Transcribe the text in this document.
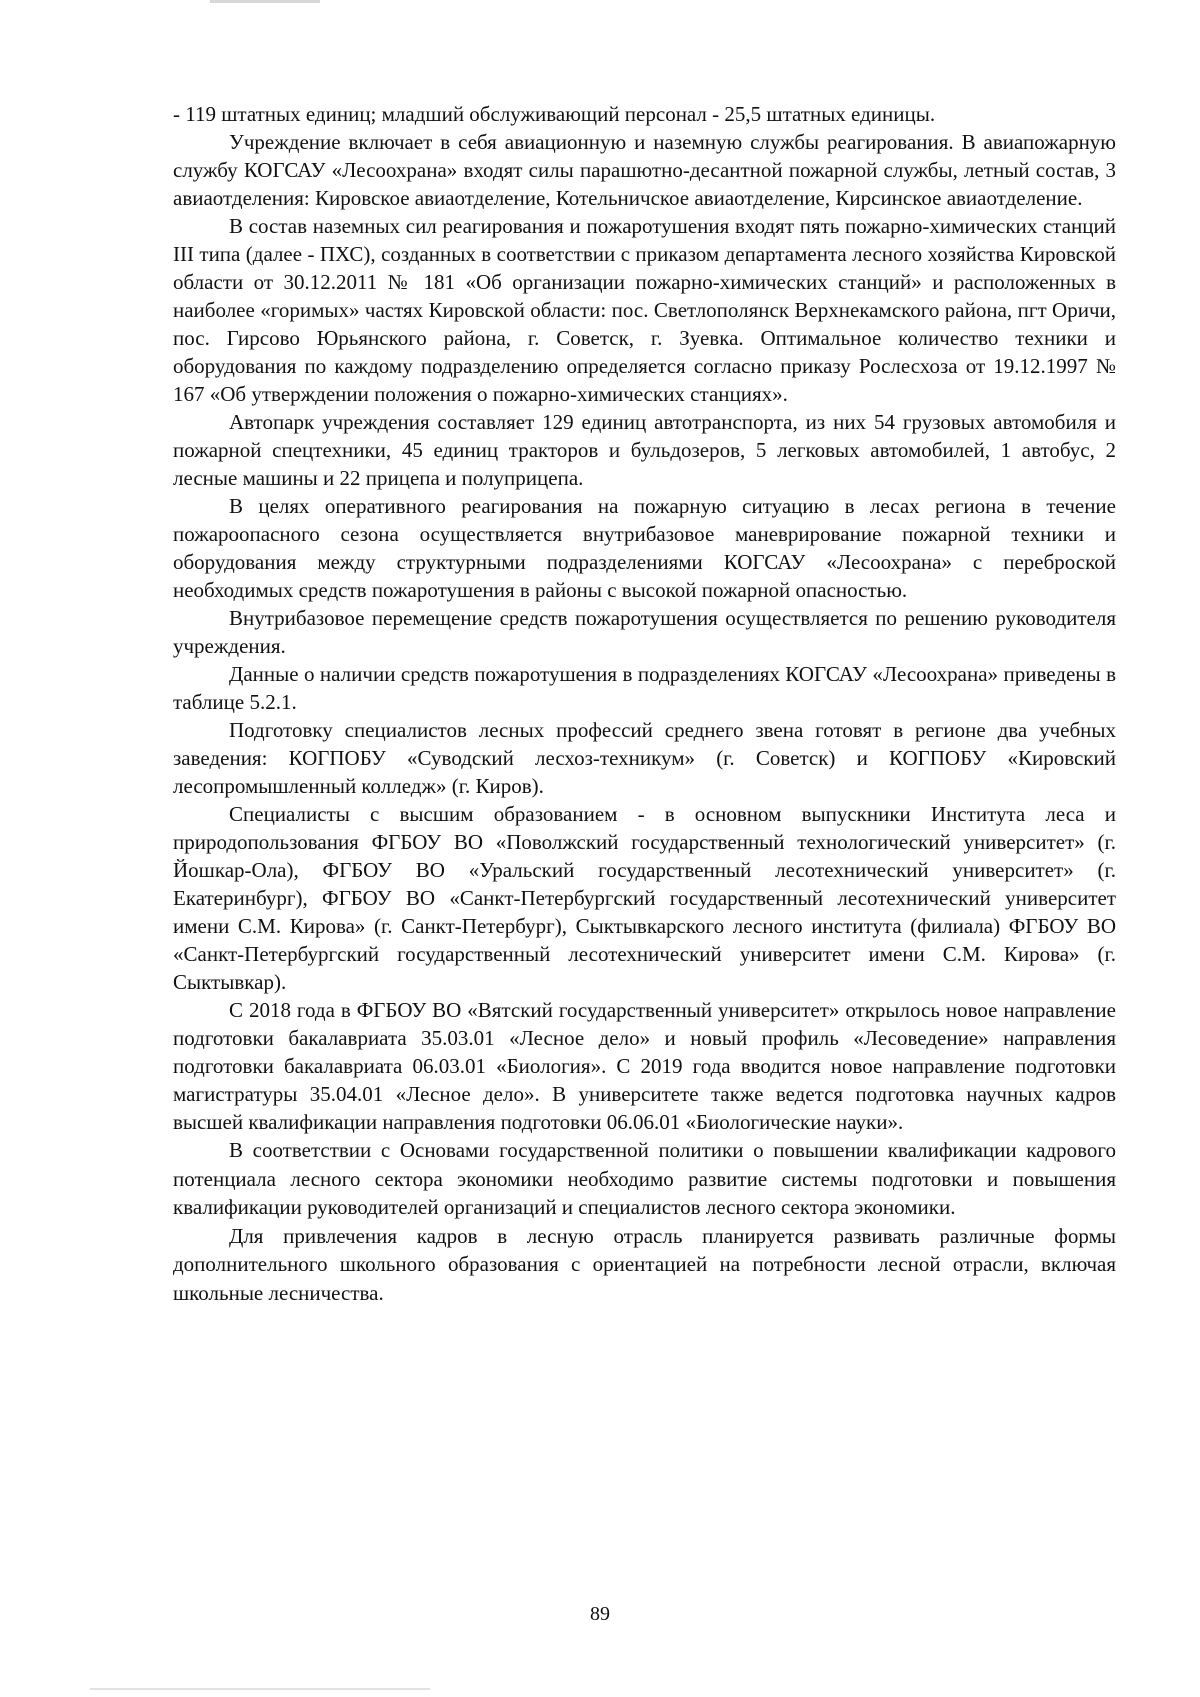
- 119 штатных единиц; младший обслуживающий персонал - 25,5 штатных единицы.

Учреждение включает в себя авиационную и наземную службы реагирования. В авиапожарную службу КОГСАУ «Лесоохрана» входят силы парашютно-десантной пожарной службы, летный состав, 3 авиаотделения: Кировское авиаотделение, Котельничское авиаотделение, Кирсинское авиаотделение.

В состав наземных сил реагирования и пожаротушения входят пять пожарно-химических станций III типа (далее - ПХС), созданных в соответствии с приказом департамента лесного хозяйства Кировской области от 30.12.2011 № 181 «Об организации пожарно-химических станций» и расположенных в наиболее «горимых» частях Кировской области: пос. Светлополянск Верхнекамского района, пгт Оричи, пос. Гирсово Юрьянского района, г. Советск, г. Зуевка. Оптимальное количество техники и оборудования по каждому подразделению определяется согласно приказу Рослесхоза от 19.12.1997 № 167 «Об утверждении положения о пожарно-химических станциях».

Автопарк учреждения составляет 129 единиц автотранспорта, из них 54 грузовых автомобиля и пожарной спецтехники, 45 единиц тракторов и бульдозеров, 5 легковых автомобилей, 1 автобус, 2 лесные машины и 22 прицепа и полуприцепа.

В целях оперативного реагирования на пожарную ситуацию в лесах региона в течение пожароопасного сезона осуществляется внутрибазовое маневрирование пожарной техники и оборудования между структурными подразделениями КОГСАУ «Лесоохрана» с переброской необходимых средств пожаротушения в районы с высокой пожарной опасностью.

Внутрибазовое перемещение средств пожаротушения осуществляется по решению руководителя учреждения.

Данные о наличии средств пожаротушения в подразделениях КОГСАУ «Лесоохрана» приведены в таблице 5.2.1.

Подготовку специалистов лесных профессий среднего звена готовят в регионе два учебных заведения: КОГПОБУ «Суводский лесхоз-техникум» (г. Советск) и КОГПОБУ «Кировский лесопромышленный колледж» (г. Киров).

Специалисты с высшим образованием - в основном выпускники Института леса и природопользования ФГБОУ ВО «Поволжский государственный технологический университет» (г. Йошкар-Ола), ФГБОУ ВО «Уральский государственный лесотехнический университет» (г. Екатеринбург), ФГБОУ ВО «Санкт-Петербургский государственный лесотехнический университет имени С.М. Кирова» (г. Санкт-Петербург), Сыктывкарского лесного института (филиала) ФГБОУ ВО «Санкт-Петербургский государственный лесотехнический университет имени С.М. Кирова» (г. Сыктывкар).

С 2018 года в ФГБОУ ВО «Вятский государственный университет» открылось новое направление подготовки бакалавриата 35.03.01 «Лесное дело» и новый профиль «Лесоведение» направления подготовки бакалавриата 06.03.01 «Биология». С 2019 года вводится новое направление подготовки магистратуры 35.04.01 «Лесное дело». В университете также ведется подготовка научных кадров высшей квалификации направления подготовки 06.06.01 «Биологические науки».

В соответствии с Основами государственной политики о повышении квалификации кадрового потенциала лесного сектора экономики необходимо развитие системы подготовки и повышения квалификации руководителей организаций и специалистов лесного сектора экономики.

Для привлечения кадров в лесную отрасль планируется развивать различные формы дополнительного школьного образования с ориентацией на потребности лесной отрасли, включая школьные лесничества.

89
